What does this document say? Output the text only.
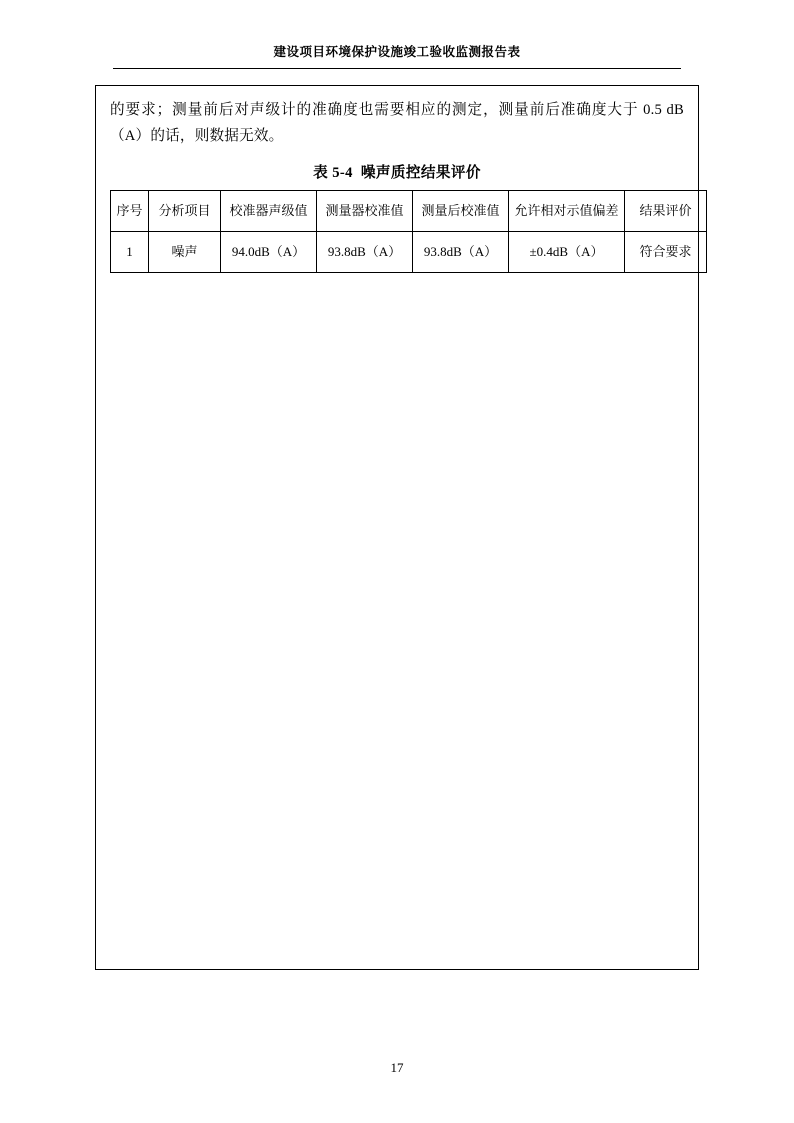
建设项目环境保护设施竣工验收监测报告表

的要求；测量前后对声级计的准确度也需要相应的测定，测量前后准确度大于 0.5 dB（A）的话，则数据无效。

表 5-4 噪声质控结果评价
序号	分析项目	校准器声级值	测量器校准值	测量后校准值	允许相对示值偏差	结果评价
1	噪声	94.0dB（A）	93.8dB（A）	93.8dB（A）	±0.4dB（A）	符合要求
17
